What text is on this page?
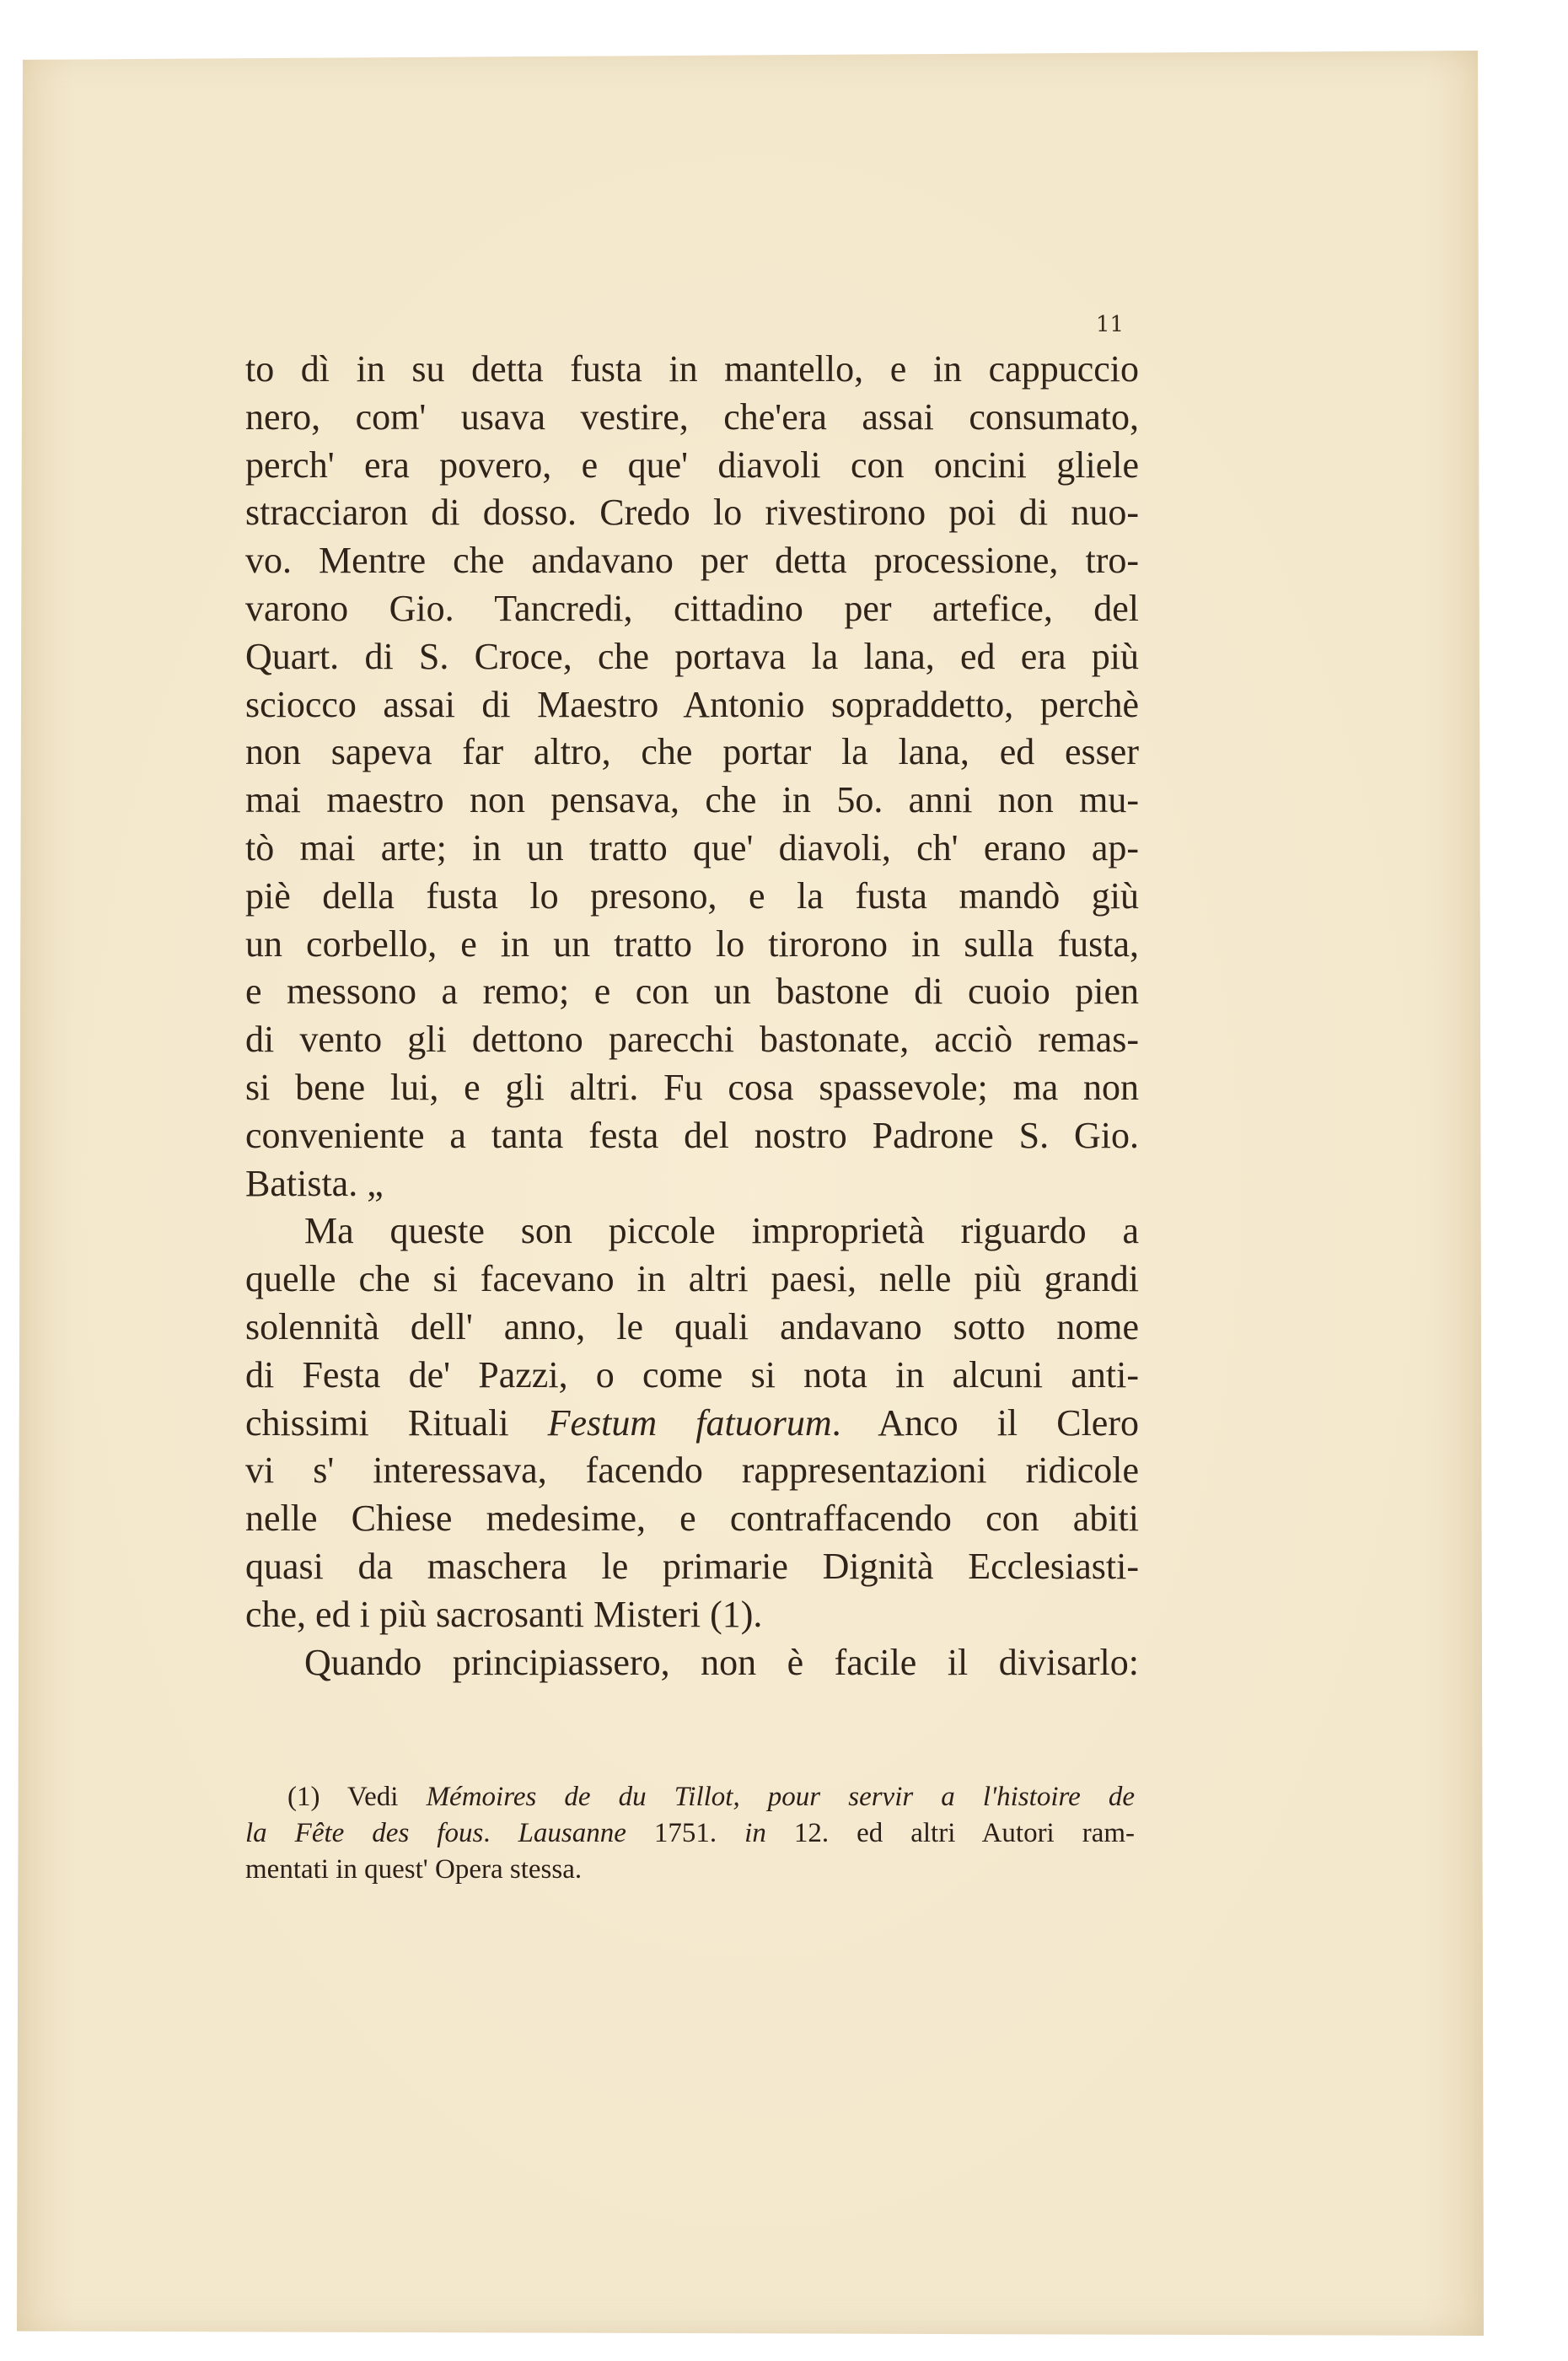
11
to dì in su detta fusta in mantello, e in cappuccio
nero, com' usava vestire, che'era assai consumato,
perch' era povero, e que' diavoli con oncini gliele
stracciaron di dosso. Credo lo rivestirono poi di nuo-
vo. Mentre che andavano per detta processione, tro-
varono Gio. Tancredi, cittadino per artefice, del
Quart. di S. Croce, che portava la lana, ed era più
sciocco assai di Maestro Antonio sopraddetto, perchè
non sapeva far altro, che portar la lana, ed esser
mai maestro non pensava, che in 5o. anni non mu-
tò mai arte; in un tratto que' diavoli, ch' erano ap-
piè della fusta lo presono, e la fusta mandò giù
un corbello, e in un tratto lo tirorono in sulla fusta,
e messono a remo; e con un bastone di cuoio pien
di vento gli dettono parecchi bastonate, acciò remas-
si bene lui, e gli altri. Fu cosa spassevole; ma non
conveniente a tanta festa del nostro Padrone S. Gio.
Batista. „
Ma queste son piccole improprietà riguardo a
quelle che si facevano in altri paesi, nelle più grandi
solennità dell' anno, le quali andavano sotto nome
di Festa de' Pazzi, o come si nota in alcuni anti-
chissimi Rituali Festum fatuorum. Anco il Clero
vi s' interessava, facendo rappresentazioni ridicole
nelle Chiese medesime, e contraffacendo con abiti
quasi da maschera le primarie Dignità Ecclesiasti-
che, ed i più sacrosanti Misteri (1).
Quando principiassero, non è facile il divisarlo:
(1) Vedi Mémoires de du Tillot, pour servir a l'histoire de
la Fête des fous. Lausanne 1751. in 12. ed altri Autori ram-
mentati in quest' Opera stessa.
